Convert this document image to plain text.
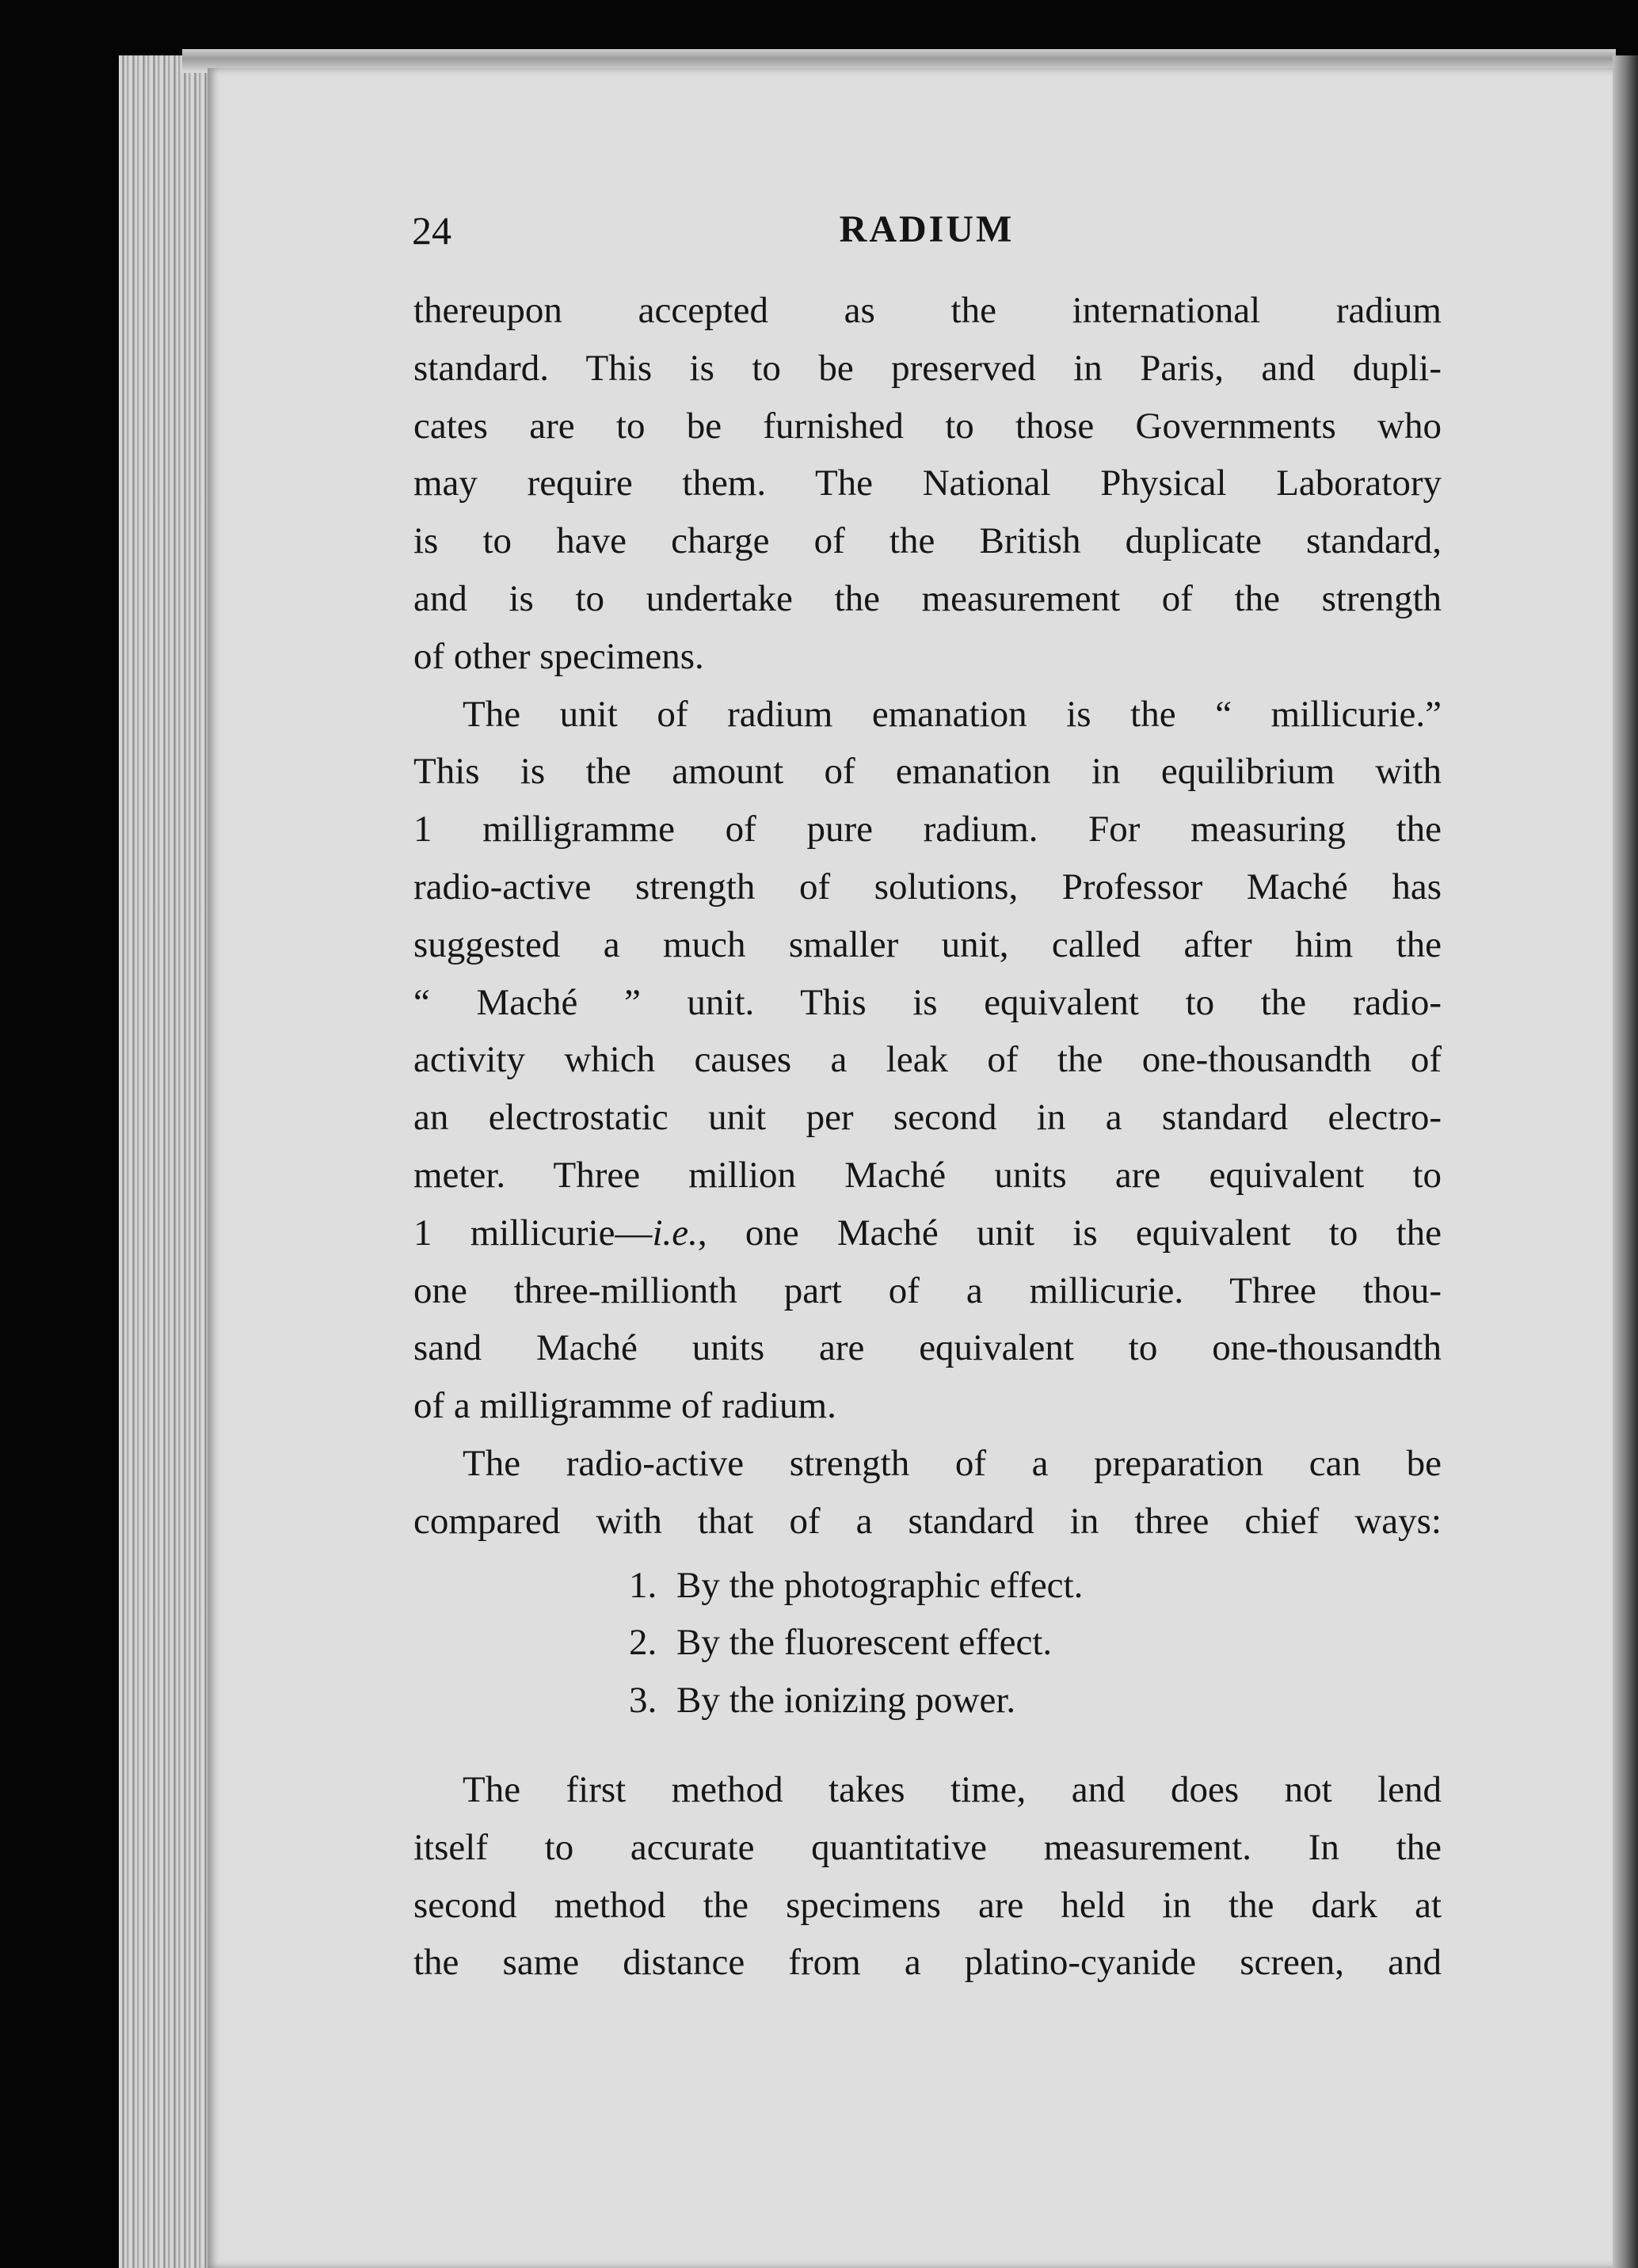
24	RADIUM
thereupon accepted as the international radium
standard. This is to be preserved in Paris, and dupli-
cates are to be furnished to those Governments who
may require them. The National Physical Laboratory
is to have charge of the British duplicate standard,
and is to undertake the measurement of the strength
of other specimens.
The unit of radium emanation is the “ millicurie.”
This is the amount of emanation in equilibrium with
1 milligramme of pure radium. For measuring the
radio-active strength of solutions, Professor Maché has
suggested a much smaller unit, called after him the
“ Maché ” unit. This is equivalent to the radio-
activity which causes a leak of the one-thousandth of
an electrostatic unit per second in a standard electro-
meter. Three million Maché units are equivalent to
1 millicurie—i.e., one Maché unit is equivalent to the
one three-millionth part of a millicurie. Three thou-
sand Maché units are equivalent to one-thousandth
of a milligramme of radium.
The radio-active strength of a preparation can be
compared with that of a standard in three chief ways:
1. By the photographic effect.
2. By the fluorescent effect.
3. By the ionizing power.
The first method takes time, and does not lend
itself to accurate quantitative measurement. In the
second method the specimens are held in the dark at
the same distance from a platino-cyanide screen, and
